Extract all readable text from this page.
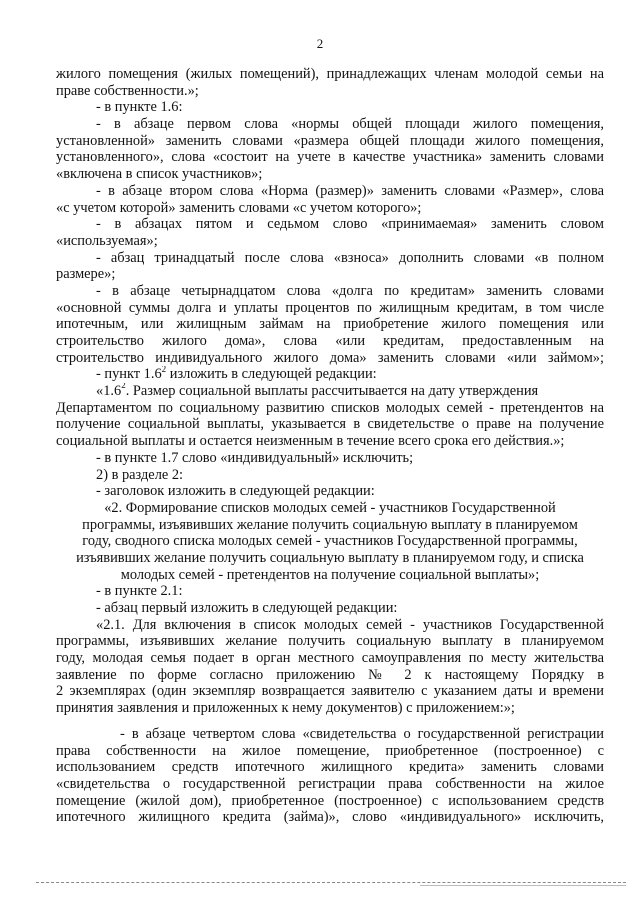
2
жилого помещения (жилых помещений), принадлежащих членам молодой семьи на
праве собственности.»;
- в пункте 1.6:
- в абзаце первом слова «нормы общей площади жилого помещения,
установленной» заменить словами «размера общей площади жилого помещения,
установленного», слова «состоит на учете в качестве участника» заменить словами
«включена в список участников»;
- в абзаце втором слова «Норма (размер)» заменить словами «Размер», слова
«с учетом которой» заменить словами «с учетом которого»;
- в абзацах пятом и седьмом слово «принимаемая» заменить словом
«используемая»;
- абзац тринадцатый после слова «взноса» дополнить словами «в полном
размере»;
- в абзаце четырнадцатом слова «долга по кредитам» заменить словами
«основной суммы долга и уплаты процентов по жилищным кредитам, в том числе
ипотечным, или жилищным займам на приобретение жилого помещения или
строительство жилого дома», слова «или кредитам, предоставленным на
строительство индивидуального жилого дома» заменить словами «или займом»;
- пункт $1.6^2$ изложить в следующей редакции:
«$1.6^2$. Размер социальной выплаты рассчитывается на дату утверждения
Департаментом по социальному развитию списков молодых семей - претендентов на
получение социальной выплаты, указывается в свидетельстве о праве на получение
социальной выплаты и остается неизменным в течение всего срока его действия.»;
- в пункте 1.7 слово «индивидуальный» исключить;
2) в разделе 2:
- заголовок изложить в следующей редакции:
«2. Формирование списков молодых семей - участников Государственной
программы, изъявивших желание получить социальную выплату в планируемом
году, сводного списка молодых семей - участников Государственной программы,
изъявивших желание получить социальную выплату в планируемом году, и списка
молодых семей - претендентов на получение социальной выплаты»;
- в пункте 2.1:
- абзац первый изложить в следующей редакции:
«2.1. Для включения в список молодых семей - участников Государственной
программы, изъявивших желание получить социальную выплату в планируемом
году, молодая семья подает в орган местного самоуправления по месту жительства
заявление по форме согласно приложению № 2 к настоящему Порядку в
2 экземплярах (один экземпляр возвращается заявителю с указанием даты и времени
принятия заявления и приложенных к нему документов) с приложением:»;
- в абзаце четвертом слова «свидетельства о государственной регистрации
права собственности на жилое помещение, приобретенное (построенное) с
использованием средств ипотечного жилищного кредита» заменить словами
«свидетельства о государственной регистрации права собственности на жилое
помещение (жилой дом), приобретенное (построенное) с использованием средств
ипотечного жилищного кредита (займа)», слово «индивидуального» исключить,
